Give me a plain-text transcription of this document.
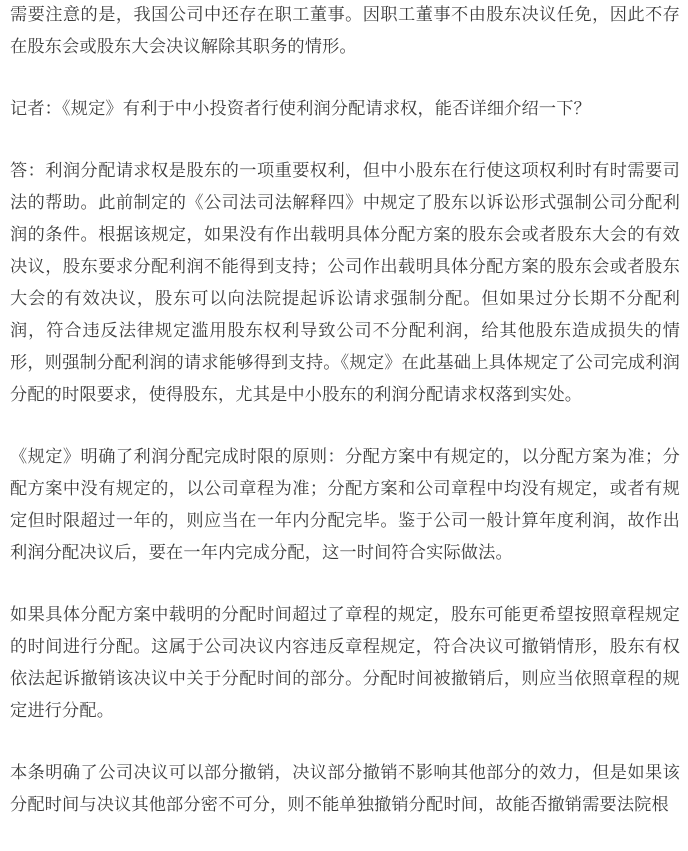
需要注意的是，我国公司中还存在职工董事。因职工董事不由股东决议任免，因此不存在股东会或股东大会决议解除其职务的情形。

记者：《规定》有利于中小投资者行使利润分配请求权，能否详细介绍一下？

答：利润分配请求权是股东的一项重要权利，但中小股东在行使这项权利时有时需要司法的帮助。此前制定的《公司法司法解释四》中规定了股东以诉讼形式强制公司分配利润的条件。根据该规定，如果没有作出载明具体分配方案的股东会或者股东大会的有效决议，股东要求分配利润不能得到支持；公司作出载明具体分配方案的股东会或者股东大会的有效决议，股东可以向法院提起诉讼请求强制分配。但如果过分长期不分配利润，符合违反法律规定滥用股东权利导致公司不分配利润，给其他股东造成损失的情形，则强制分配利润的请求能够得到支持。《规定》在此基础上具体规定了公司完成利润分配的时限要求，使得股东，尤其是中小股东的利润分配请求权落到实处。

《规定》明确了利润分配完成时限的原则：分配方案中有规定的，以分配方案为准；分配方案中没有规定的，以公司章程为准；分配方案和公司章程中均没有规定，或者有规定但时限超过一年的，则应当在一年内分配完毕。鉴于公司一般计算年度利润，故作出利润分配决议后，要在一年内完成分配，这一时间符合实际做法。

如果具体分配方案中载明的分配时间超过了章程的规定，股东可能更希望按照章程规定的时间进行分配。这属于公司决议内容违反章程规定，符合决议可撤销情形，股东有权依法起诉撤销该决议中关于分配时间的部分。分配时间被撤销后，则应当依照章程的规定进行分配。

本条明确了公司决议可以部分撤销，决议部分撤销不影响其他部分的效力，但是如果该分配时间与决议其他部分密不可分，则不能单独撤销分配时间，故能否撤销需要法院根
